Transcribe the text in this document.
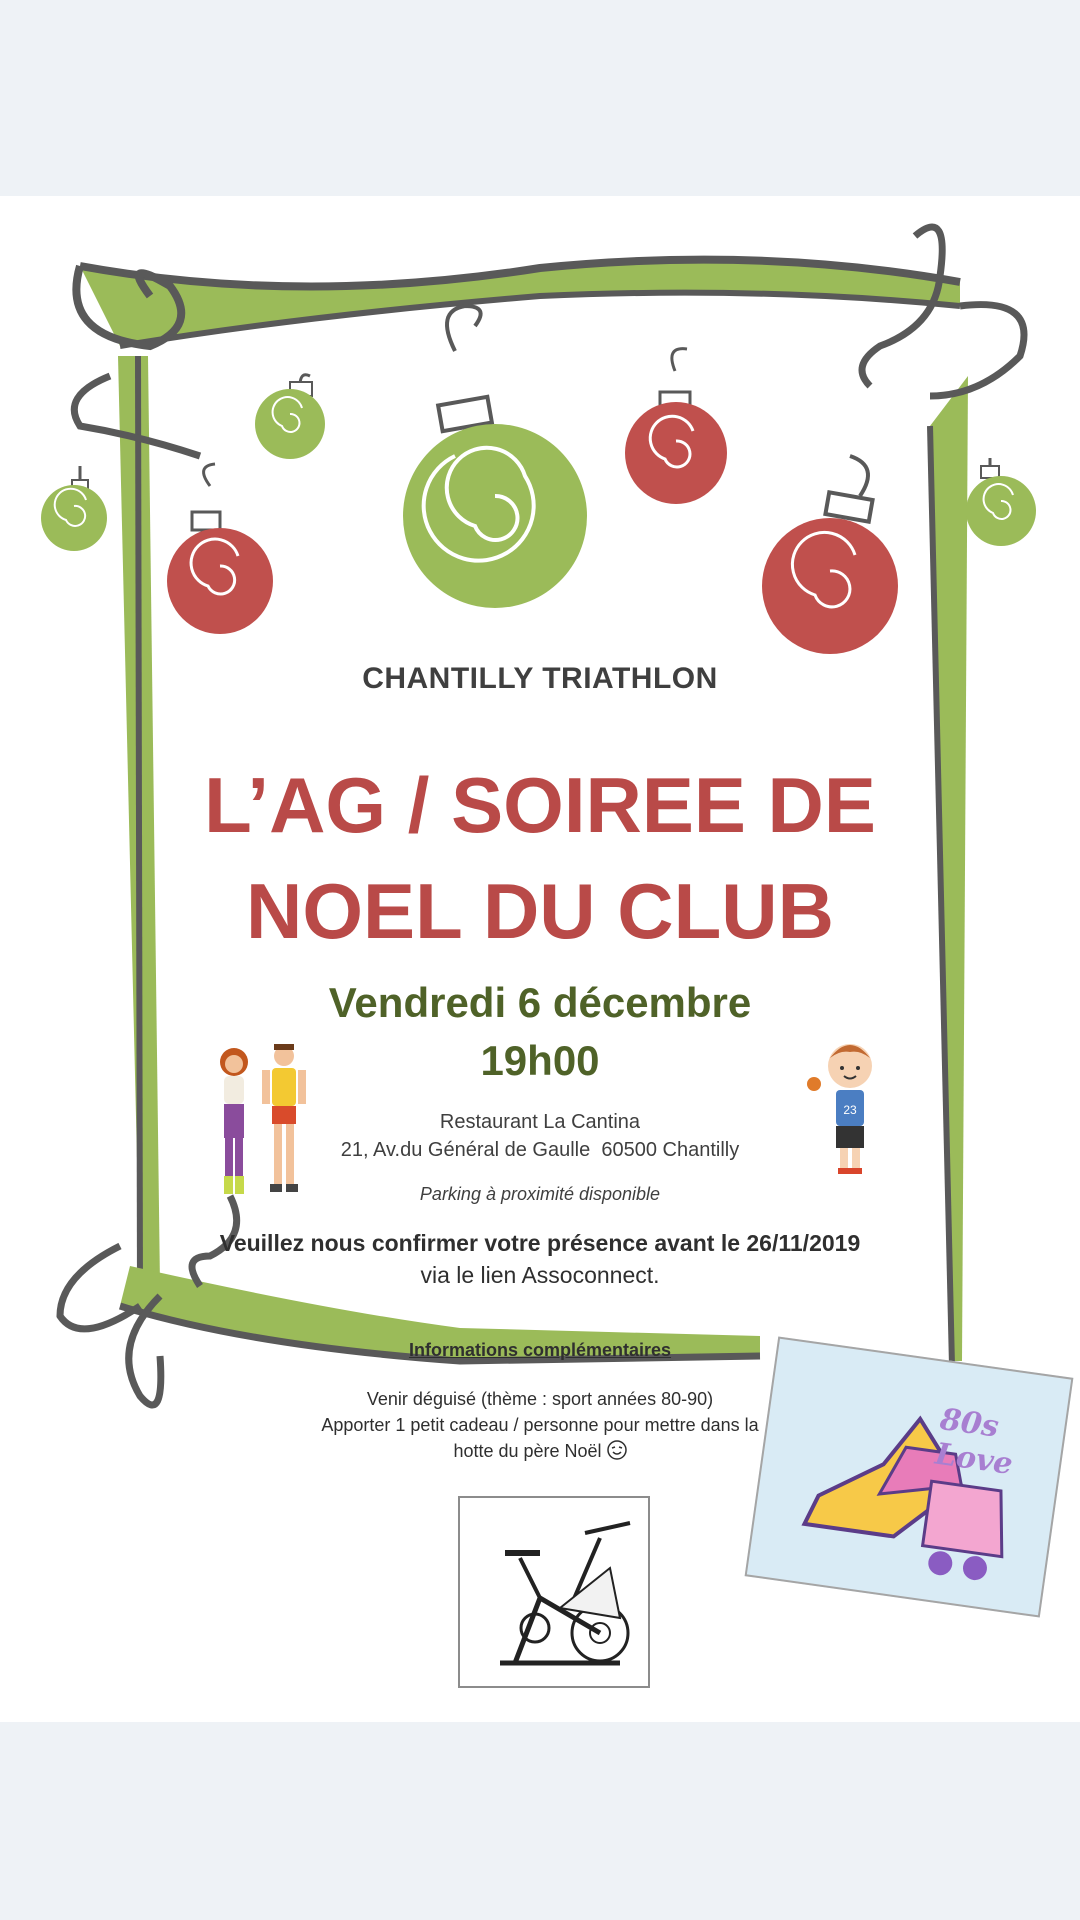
CHANTILLY TRIATHLON

L’AG / SOIREE DE
NOEL DU CLUB
Vendredi 6 décembre
19h00
Restaurant La Cantina
21, Av.du Général de Gaulle  60500 Chantilly

Parking à proximité disponible

Veuillez nous confirmer votre présence avant le 26/11/2019

via le lien Assoconnect.

Informations complémentaires

Venir déguisé (thème : sport années 80-90)
Apporter 1 petit cadeau / personne pour mettre dans la hotte du père Noël
23
80s Love
